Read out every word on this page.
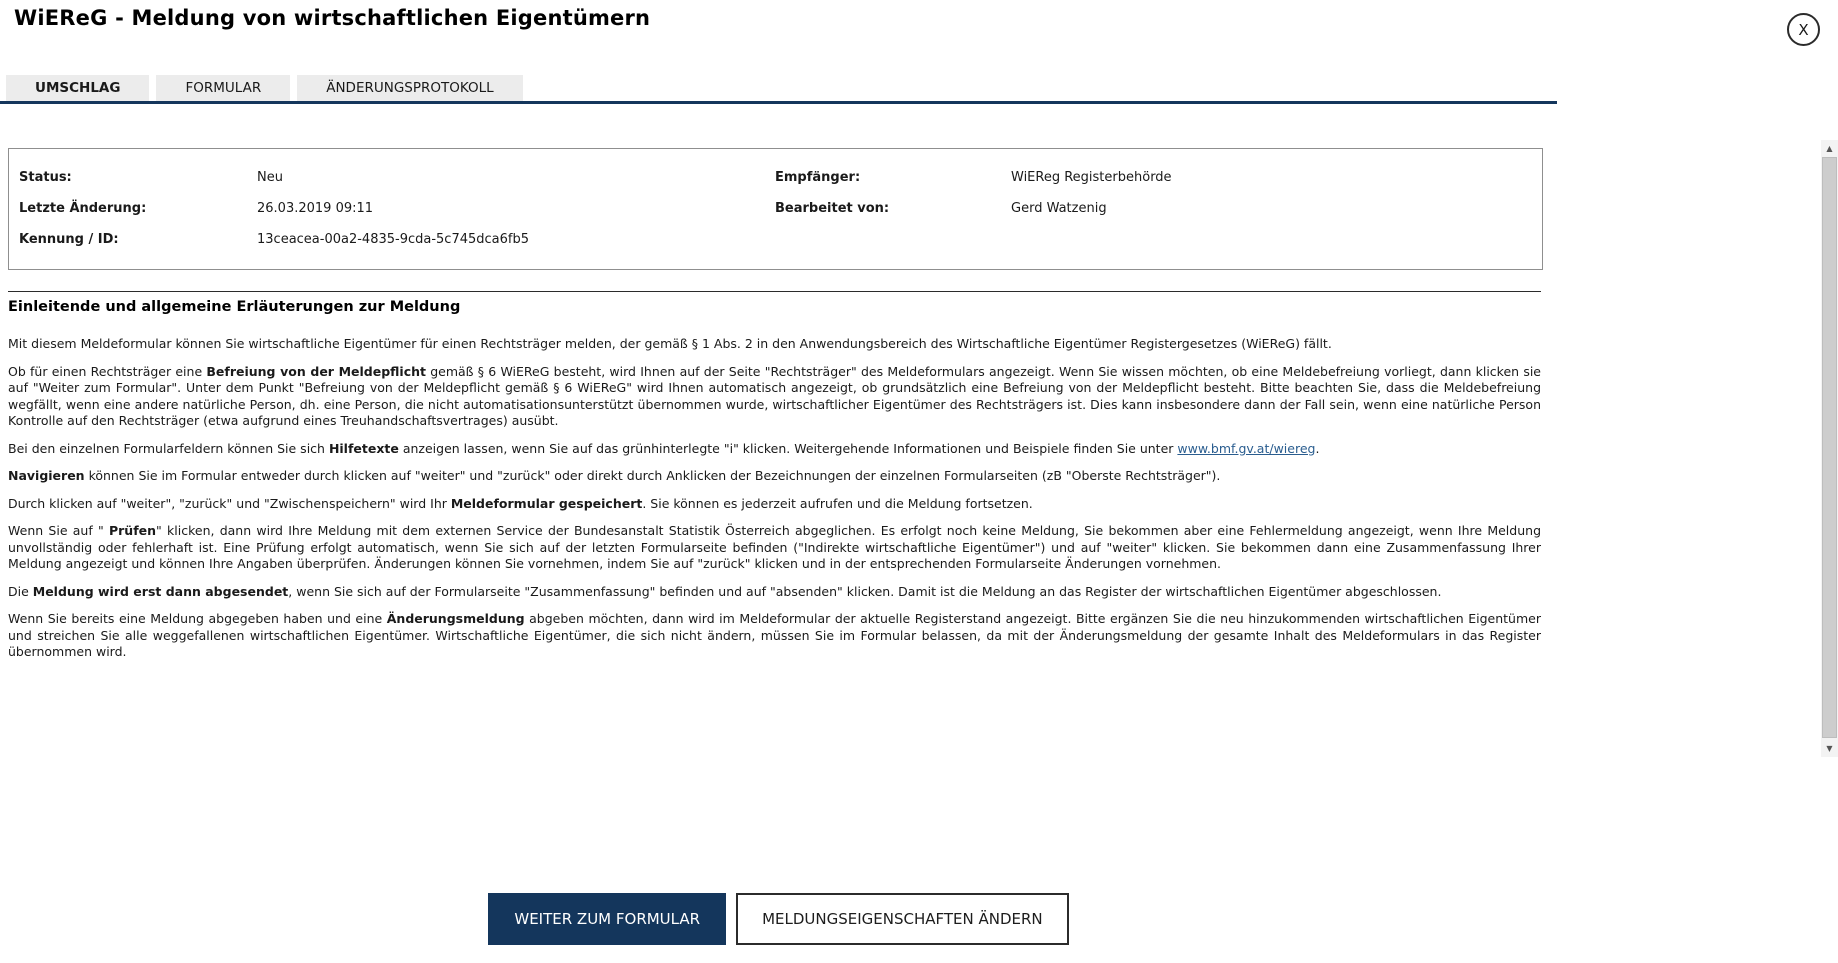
WiEReG - Meldung von wirtschaftlichen Eigentümern	X
UMSCHLAG	FORMULAR	ÄNDERUNGSPROTOKOLL
Status:	Neu
Letzte Änderung:	26.03.2019 09:11
Kennung / ID:	13ceacea-00a2-4835-9cda-5c745dca6fb5
Empfänger:	WiEReg Registerbehörde
Bearbeitet von:	Gerd Watzenig
Einleitende und allgemeine Erläuterungen zur Meldung

Mit diesem Meldeformular können Sie wirtschaftliche Eigentümer für einen Rechtsträger melden, der gemäß § 1 Abs. 2 in den Anwendungsbereich des Wirtschaftliche Eigentümer Registergesetzes (WiEReG) fällt.

Ob für einen Rechtsträger eine Befreiung von der Meldepflicht gemäß § 6 WiEReG besteht, wird Ihnen auf der Seite "Rechtsträger" des Meldeformulars angezeigt. Wenn Sie wissen möchten, ob eine Meldebefreiung vorliegt, dann klicken sie auf "Weiter zum Formular". Unter dem Punkt "Befreiung von der Meldepflicht gemäß § 6 WiEReG" wird Ihnen automatisch angezeigt, ob grundsätzlich eine Befreiung von der Meldepflicht besteht. Bitte beachten Sie, dass die Meldebefreiung wegfällt, wenn eine andere natürliche Person, dh. eine Person, die nicht automatisationsunterstützt übernommen wurde, wirtschaftlicher Eigentümer des Rechtsträgers ist. Dies kann insbesondere dann der Fall sein, wenn eine natürliche Person Kontrolle auf den Rechtsträger (etwa aufgrund eines Treuhandschaftsvertrages) ausübt.

Bei den einzelnen Formularfeldern können Sie sich Hilfetexte anzeigen lassen, wenn Sie auf das grünhinterlegte "i" klicken. Weitergehende Informationen und Beispiele finden Sie unter www.bmf.gv.at/wiereg.

Navigieren können Sie im Formular entweder durch klicken auf "weiter" und "zurück" oder direkt durch Anklicken der Bezeichnungen der einzelnen Formularseiten (zB "Oberste Rechtsträger").

Durch klicken auf "weiter", "zurück" und "Zwischenspeichern" wird Ihr Meldeformular gespeichert. Sie können es jederzeit aufrufen und die Meldung fortsetzen.

Wenn Sie auf " Prüfen" klicken, dann wird Ihre Meldung mit dem externen Service der Bundesanstalt Statistik Österreich abgeglichen. Es erfolgt noch keine Meldung, Sie bekommen aber eine Fehlermeldung angezeigt, wenn Ihre Meldung unvollständig oder fehlerhaft ist. Eine Prüfung erfolgt automatisch, wenn Sie sich auf der letzten Formularseite befinden ("Indirekte wirtschaftliche Eigentümer") und auf "weiter" klicken. Sie bekommen dann eine Zusammenfassung Ihrer Meldung angezeigt und können Ihre Angaben überprüfen. Änderungen können Sie vornehmen, indem Sie auf "zurück" klicken und in der entsprechenden Formularseite Änderungen vornehmen.

Die Meldung wird erst dann abgesendet, wenn Sie sich auf der Formularseite "Zusammenfassung" befinden und auf "absenden" klicken. Damit ist die Meldung an das Register der wirtschaftlichen Eigentümer abgeschlossen.

Wenn Sie bereits eine Meldung abgegeben haben und eine Änderungsmeldung abgeben möchten, dann wird im Meldeformular der aktuelle Registerstand angezeigt. Bitte ergänzen Sie die neu hinzukommenden wirtschaftlichen Eigentümer und streichen Sie alle weggefallenen wirtschaftlichen Eigentümer. Wirtschaftliche Eigentümer, die sich nicht ändern, müssen Sie im Formular belassen, da mit der Änderungsmeldung der gesamte Inhalt des Meldeformulars in das Register übernommen wird.

▲
▼
WEITER ZUM FORMULAR	MELDUNGSEIGENSCHAFTEN ÄNDERN
